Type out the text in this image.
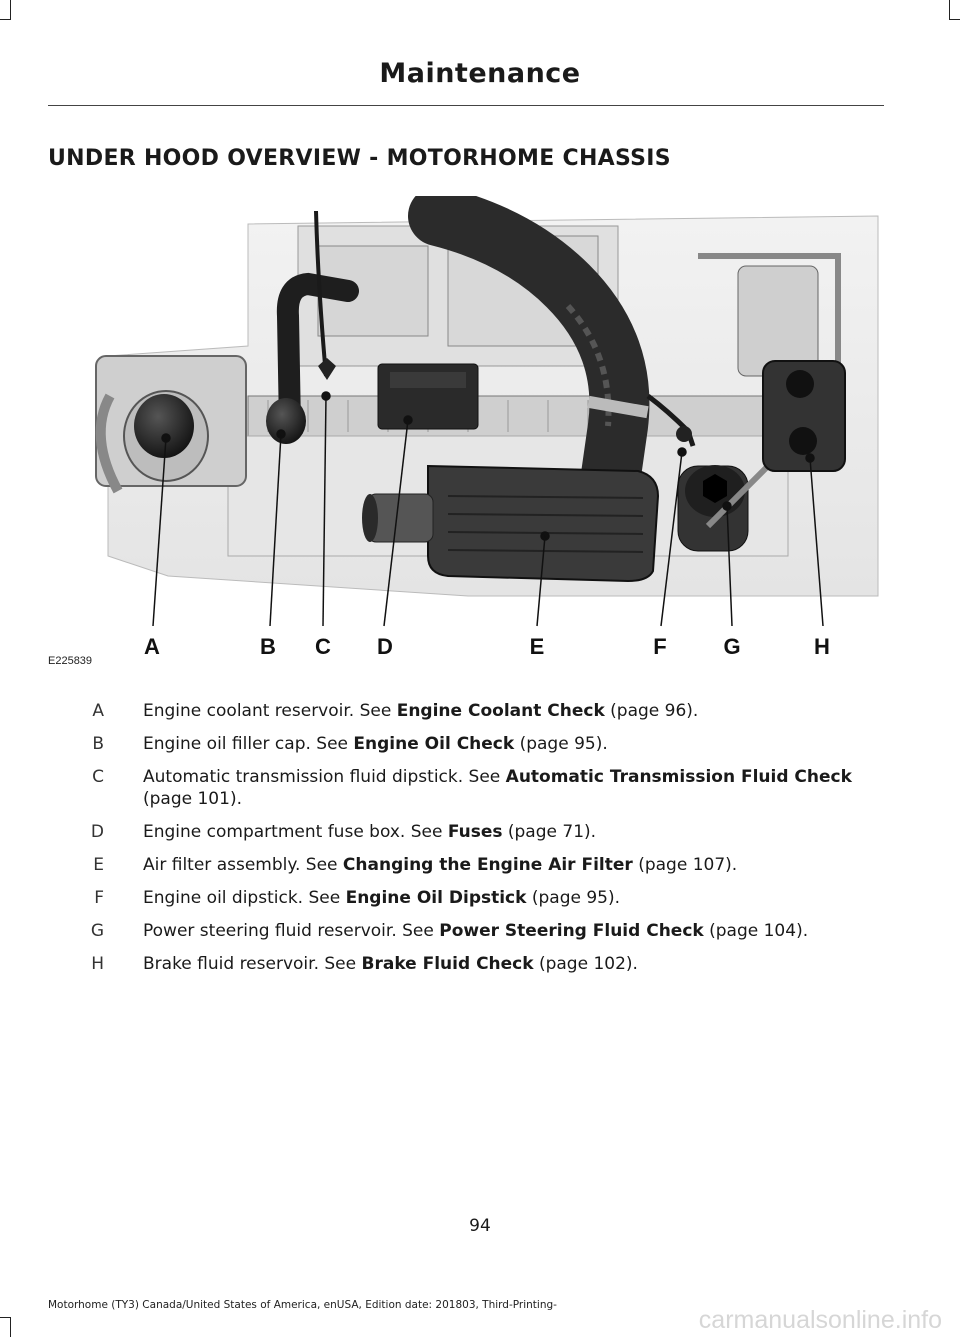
Maintenance
UNDER HOOD OVERVIEW - MOTORHOME CHASSIS
A	B C D	E	F	G	H
E225839
A Engine coolant reservoir. See Engine Coolant Check (page 96).
B Engine oil filler cap. See Engine Oil Check (page 95).
C Automatic transmission fluid dipstick. See Automatic Transmission Fluid Check (page 101).
D Engine compartment fuse box. See Fuses (page 71).
E Air filter assembly. See Changing the Engine Air Filter (page 107).
F Engine oil dipstick. See Engine Oil Dipstick (page 95).
G Power steering fluid reservoir. See Power Steering Fluid Check (page 104).
H Brake fluid reservoir. See Brake Fluid Check (page 102).
94
Motorhome (TY3) Canada/United States of America, enUSA, Edition date: 201803, Third-Printing-
carmanualsonline.info
